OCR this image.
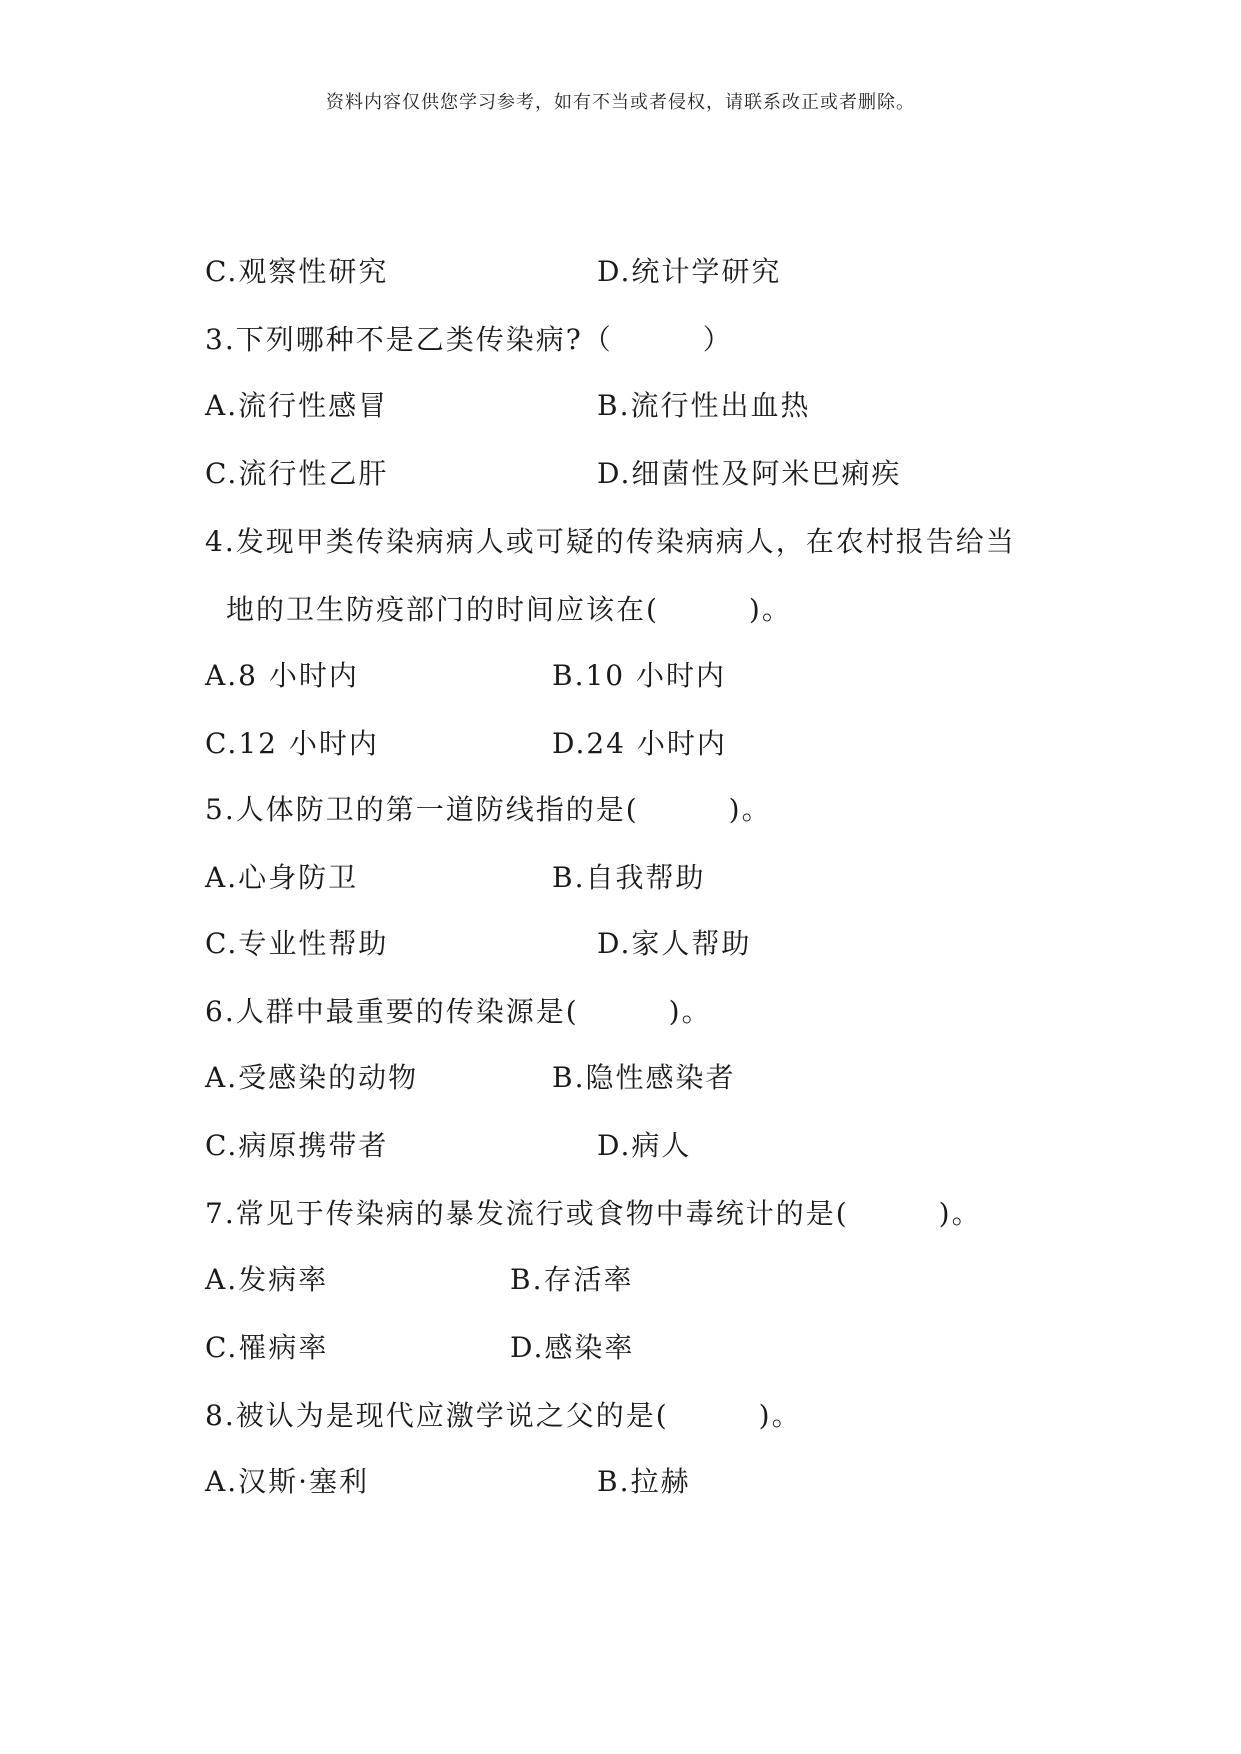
资料内容仅供您学习参考，如有不当或者侵权，请联系改正或者删除。
C.观察性研究	D.统计学研究
3.下列哪种不是乙类传染病?（　　　）
A.流行性感冒	B.流行性出血热
C.流行性乙肝	D.细菌性及阿米巴痢疾
4.发现甲类传染病病人或可疑的传染病病人，在农村报告给当
地的卫生防疫部门的时间应该在(　　　)。
A.8 小时内	B.10 小时内
C.12 小时内	D.24 小时内
5.人体防卫的第一道防线指的是(　　　)。
A.心身防卫	B.自我帮助
C.专业性帮助	D.家人帮助
6.人群中最重要的传染源是(　　　)。
A.受感染的动物	B.隐性感染者
C.病原携带者	D.病人
7.常见于传染病的暴发流行或食物中毒统计的是(　　　)。
A.发病率	B.存活率
C.罹病率	D.感染率
8.被认为是现代应激学说之父的是(　　　)。
A.汉斯·塞利	B.拉赫
